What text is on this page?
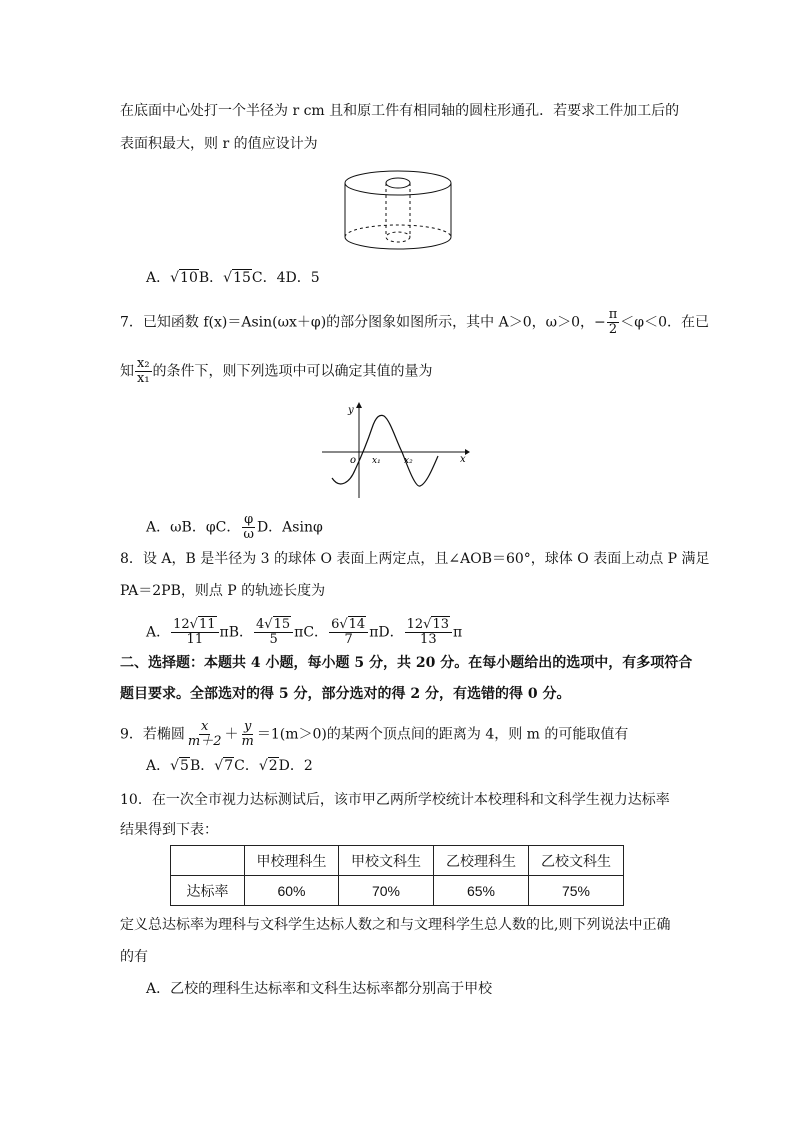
在底面中心处打一个半径为 r cm 且和原工件有相同轴的圆柱形通孔．若要求工件加工后的
表面积最大，则 r 的值应设计为
A．√10B．√15C．4D．5
7．已知函数 f(x)＝Asin(ωx＋φ)的部分图象如图所示，其中 A＞0，ω＞0，− $\frac{\pi}{2} <\varphi<0$．在已
知 $\frac{\text{x₂}}{\text{x₁}}$ 的条件下，则下列选项中可以确定其值的量为
y
x
o x₁	x₂
A．ωB．φC． $\frac{\varphi}{\omega}$ D．Asinφ
8．设 A，B 是半径为 3 的球体 O 表面上两定点，且∠AOB＝60°，球体 O 表面上动点 P 满足
PA＝2PB，则点 P 的轨迹长度为
A． $\frac{12√11}{11}$ πB． $\frac{4√15}{5}$ πC． $\frac{6√14}{7}$ πD． $\frac{12√13}{13}$ π
二、选择题：本题共 4 小题，每小题 5 分，共 20 分。在每小题给出的选项中，有多项符合
题目要求。全部选对的得 5 分，部分选对的得 2 分，有选错的得 0 分。
9．若椭圆 $\frac{x}{m+2} + \frac{y}{m} =1(m>0)$的某两个顶点间的距离为 4，则 m 的可能取值有
A．√5B．√7C．√2D．2
10．在一次全市视力达标测试后，该市甲乙两所学校统计本校理科和文科学生视力达标率
结果得到下表：
	甲校理科生	甲校文科生	乙校理科生	乙校文科生
达标率	60%	70%	65%	75%
定义总达标率为理科与文科学生达标人数之和与文理科学生总人数的比,则下列说法中正确
的有
A．乙校的理科生达标率和文科生达标率都分别高于甲校
